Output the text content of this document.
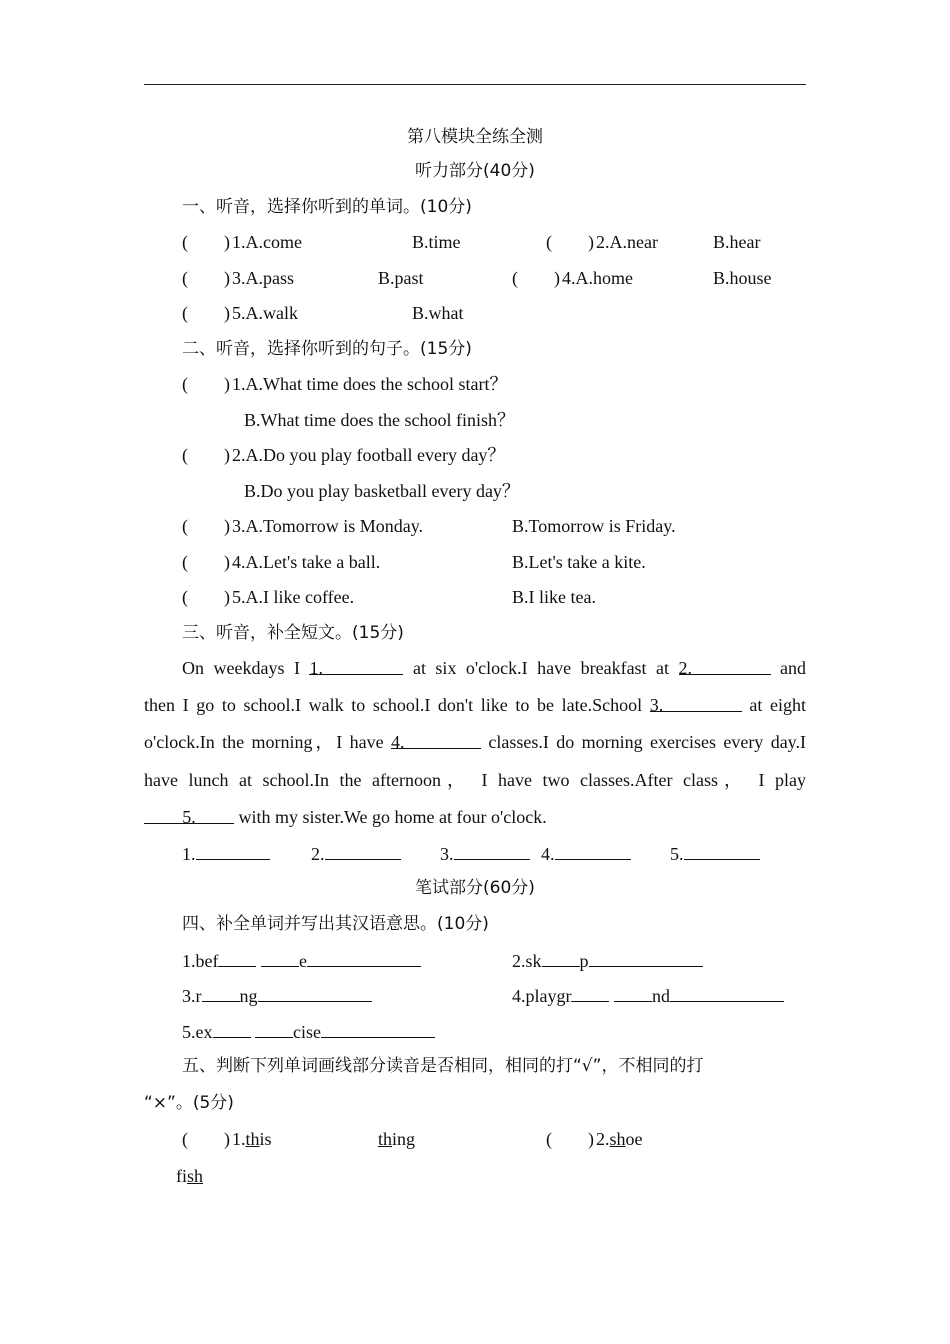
第八模块全练全测
听力部分(40分)
一、听音，选择你听到的单词。(10分)
(　　) 1.A.come	B.time	(　　) 2.A.near	B.hear
(　　) 3.A.pass	B.past	(　　) 4.A.home	B.house
(　　) 5.A.walk	B.what
二、听音，选择你听到的句子。(15分)
(　　) 1.A.What time does the school start？
B.What time does the school finish？
(　　) 2.A.Do you play football every day？
B.Do you play basketball every day？
(　　) 3.A.Tomorrow is Monday.	B.Tomorrow is Friday.
(　　) 4.A.Let's take a ball.	B.Let's take a kite.
(　　) 5.A.I like coffee.	B.I like tea.
三、听音，补全短文。(15分)
On weekdays I 1.	at six o'clock.I have breakfast at 2.	and
then I go to school.I walk to school.I don't like to be late.School 3.	at eight
o'clock.In the morning，I have 4.	classes.I do morning exercises every day.I
have lunch at school.In the afternoon， I have two classes.After class， I play
5. with my sister.We go home at four o'clock.
1.	2.	3.	4.	5.
笔试部分(60分)
四、补全单词并写出其汉语意思。(10分)
1.bef	e	2.sk p
3.r ng	4.playgr	nd
5.ex	cise
五、判断下列单词画线部分读音是否相同，相同的打“√”，不相同的打
“×”。(5分)
(　　) 1.this	thing	(　　) 2.shoe
fish
